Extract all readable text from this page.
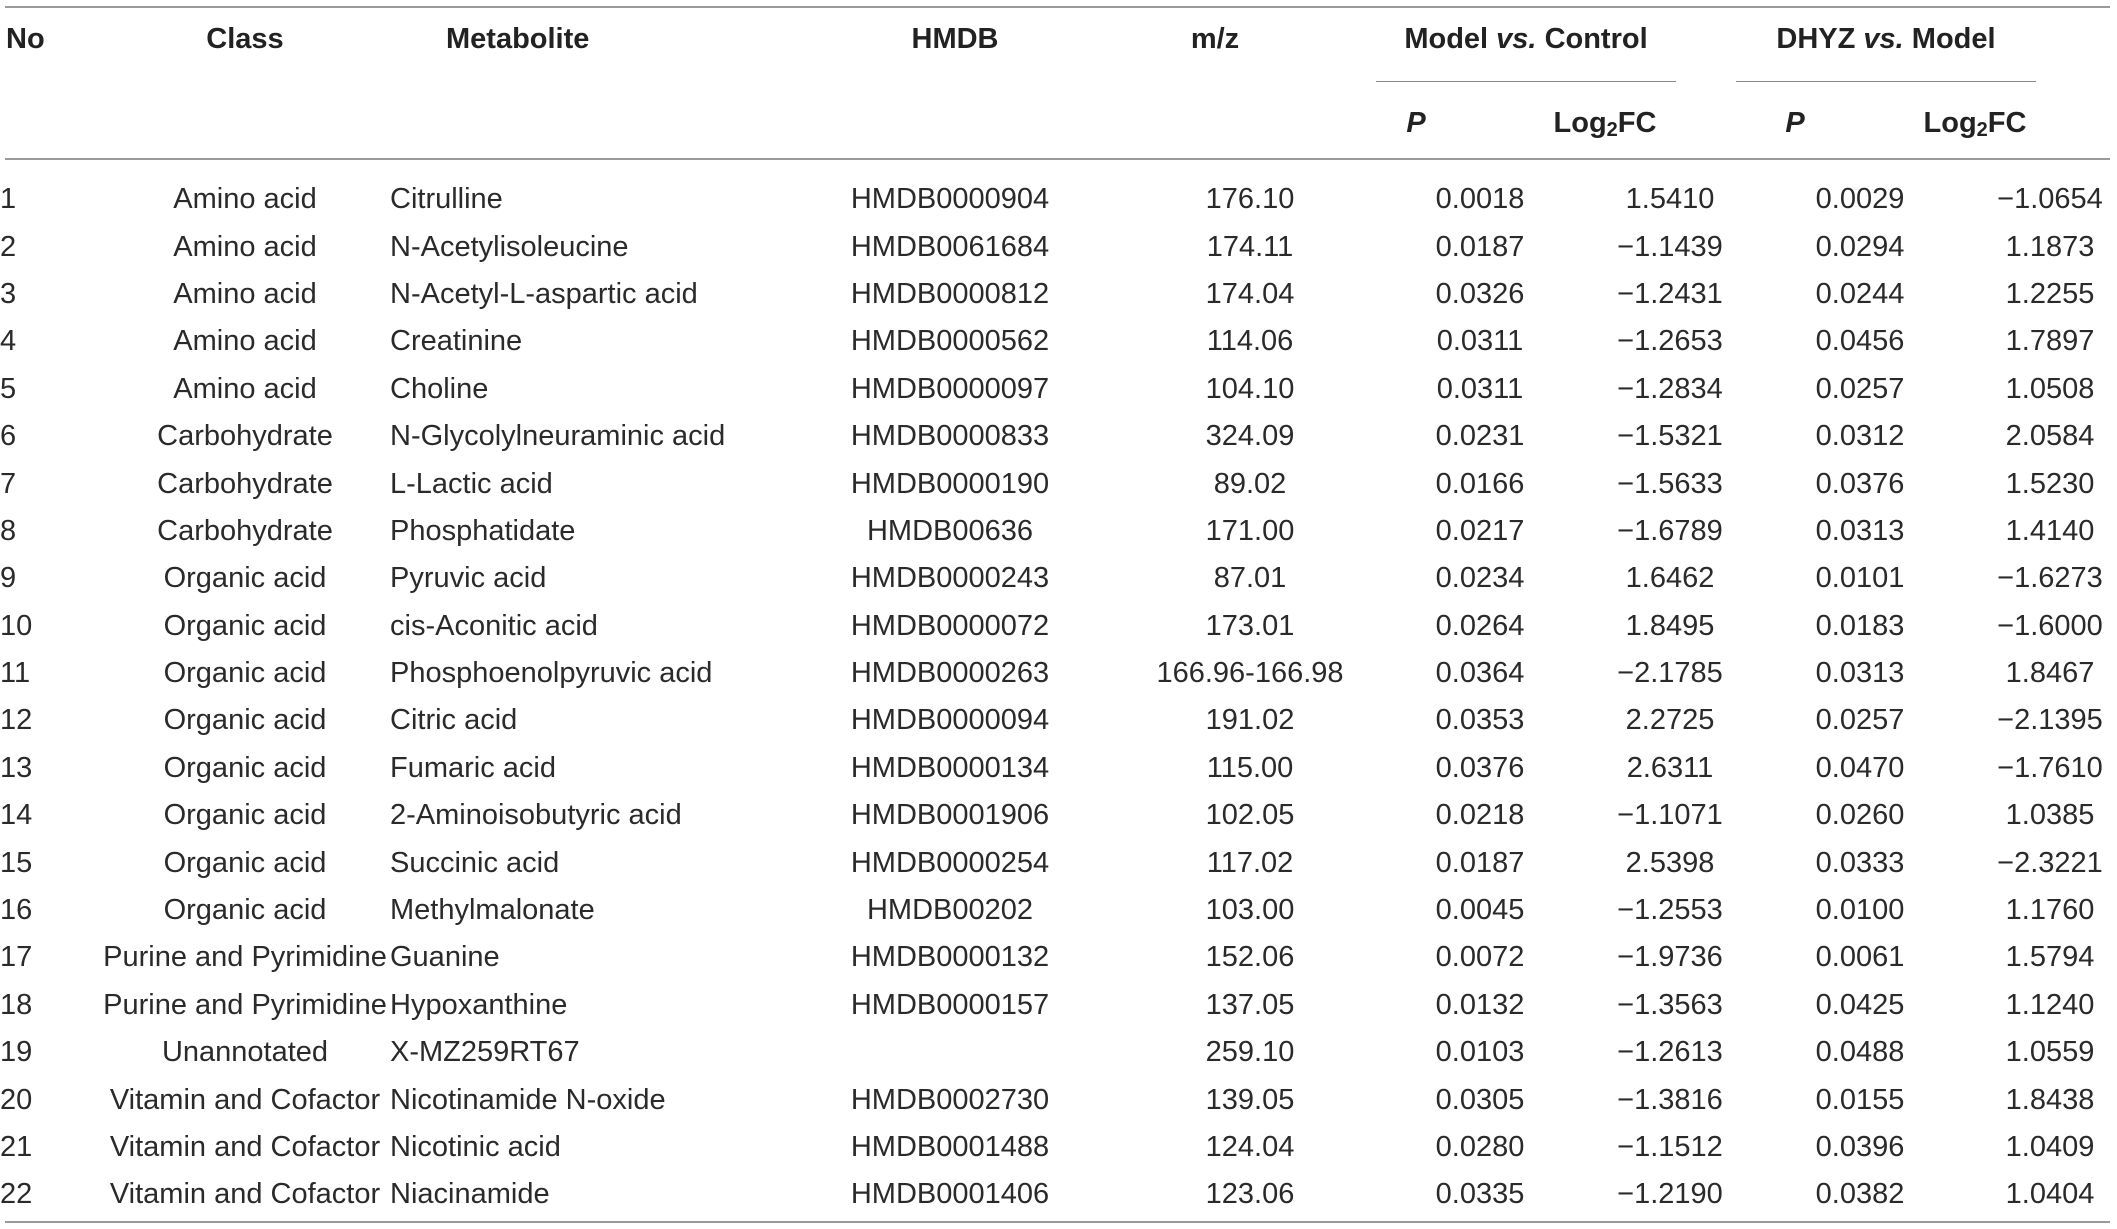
No	Class	Metabolite	HMDB	m/z	Model vs. Control	DHYZ vs. Model
P	Log$_2$FC	P	Log$_2$FC
1	Amino acid	Citrulline	HMDB0000904	176.10	0.0018	1.5410	0.0029	−1.0654
2	Amino acid	N-Acetylisoleucine	HMDB0061684	174.11	0.0187	−1.1439	0.0294	1.1873
3	Amino acid	N-Acetyl-L-aspartic acid	HMDB0000812	174.04	0.0326	−1.2431	0.0244	1.2255
4	Amino acid	Creatinine	HMDB0000562	114.06	0.0311	−1.2653	0.0456	1.7897
5	Amino acid	Choline	HMDB0000097	104.10	0.0311	−1.2834	0.0257	1.0508
6	Carbohydrate	N-Glycolylneuraminic acid	HMDB0000833	324.09	0.0231	−1.5321	0.0312	2.0584
7	Carbohydrate	L-Lactic acid	HMDB0000190	89.02	0.0166	−1.5633	0.0376	1.5230
8	Carbohydrate	Phosphatidate	HMDB00636	171.00	0.0217	−1.6789	0.0313	1.4140
9	Organic acid	Pyruvic acid	HMDB0000243	87.01	0.0234	1.6462	0.0101	−1.6273
10	Organic acid	cis-Aconitic acid	HMDB0000072	173.01	0.0264	1.8495	0.0183	−1.6000
11	Organic acid	Phosphoenolpyruvic acid	HMDB0000263	166.96-166.98	0.0364	−2.1785	0.0313	1.8467
12	Organic acid	Citric acid	HMDB0000094	191.02	0.0353	2.2725	0.0257	−2.1395
13	Organic acid	Fumaric acid	HMDB0000134	115.00	0.0376	2.6311	0.0470	−1.7610
14	Organic acid	2-Aminoisobutyric acid	HMDB0001906	102.05	0.0218	−1.1071	0.0260	1.0385
15	Organic acid	Succinic acid	HMDB0000254	117.02	0.0187	2.5398	0.0333	−2.3221
16	Organic acid	Methylmalonate	HMDB00202	103.00	0.0045	−1.2553	0.0100	1.1760
17	Purine and Pyrimidine	Guanine	HMDB0000132	152.06	0.0072	−1.9736	0.0061	1.5794
18	Purine and Pyrimidine	Hypoxanthine	HMDB0000157	137.05	0.0132	−1.3563	0.0425	1.1240
19	Unannotated	X-MZ259RT67		259.10	0.0103	−1.2613	0.0488	1.0559
20	Vitamin and Cofactor	Nicotinamide N-oxide	HMDB0002730	139.05	0.0305	−1.3816	0.0155	1.8438
21	Vitamin and Cofactor	Nicotinic acid	HMDB0001488	124.04	0.0280	−1.1512	0.0396	1.0409
22	Vitamin and Cofactor	Niacinamide	HMDB0001406	123.06	0.0335	−1.2190	0.0382	1.0404
